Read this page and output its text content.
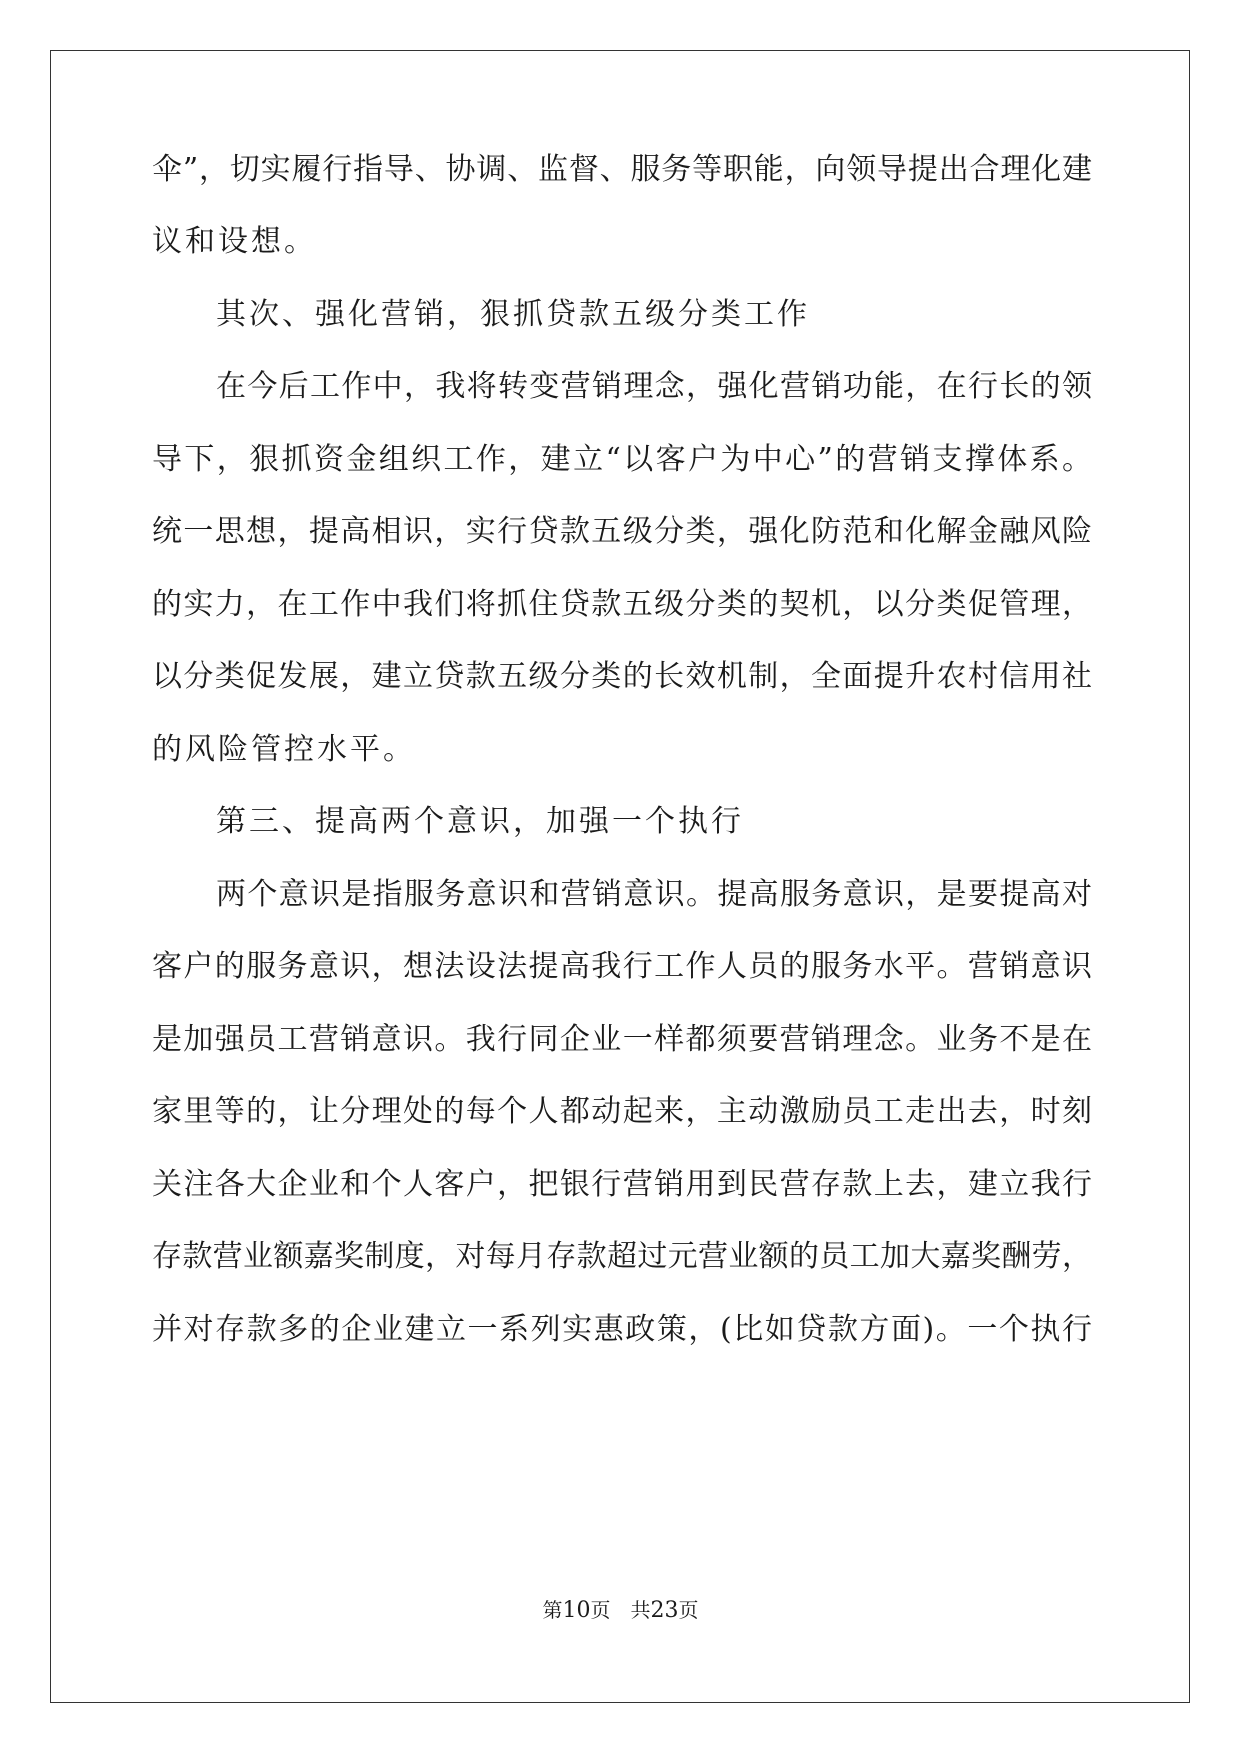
伞”，切实履行指导、协调、监督、服务等职能，向领导提出合理化建
议和设想。
其次、强化营销，狠抓贷款五级分类工作
在今后工作中，我将转变营销理念，强化营销功能，在行长的领
导下，狠抓资金组织工作，建立“以客户为中心”的营销支撑体系。
统一思想，提高相识，实行贷款五级分类，强化防范和化解金融风险
的实力，在工作中我们将抓住贷款五级分类的契机，以分类促管理，
以分类促发展，建立贷款五级分类的长效机制，全面提升农村信用社
的风险管控水平。
第三、提高两个意识，加强一个执行
两个意识是指服务意识和营销意识。提高服务意识，是要提高对
客户的服务意识，想法设法提高我行工作人员的服务水平。营销意识
是加强员工营销意识。我行同企业一样都须要营销理念。业务不是在
家里等的，让分理处的每个人都动起来，主动激励员工走出去，时刻
关注各大企业和个人客户，把银行营销用到民营存款上去，建立我行
存款营业额嘉奖制度，对每月存款超过元营业额的员工加大嘉奖酬劳，
并对存款多的企业建立一系列实惠政策，(比如贷款方面)。一个执行
第10页 共23页
